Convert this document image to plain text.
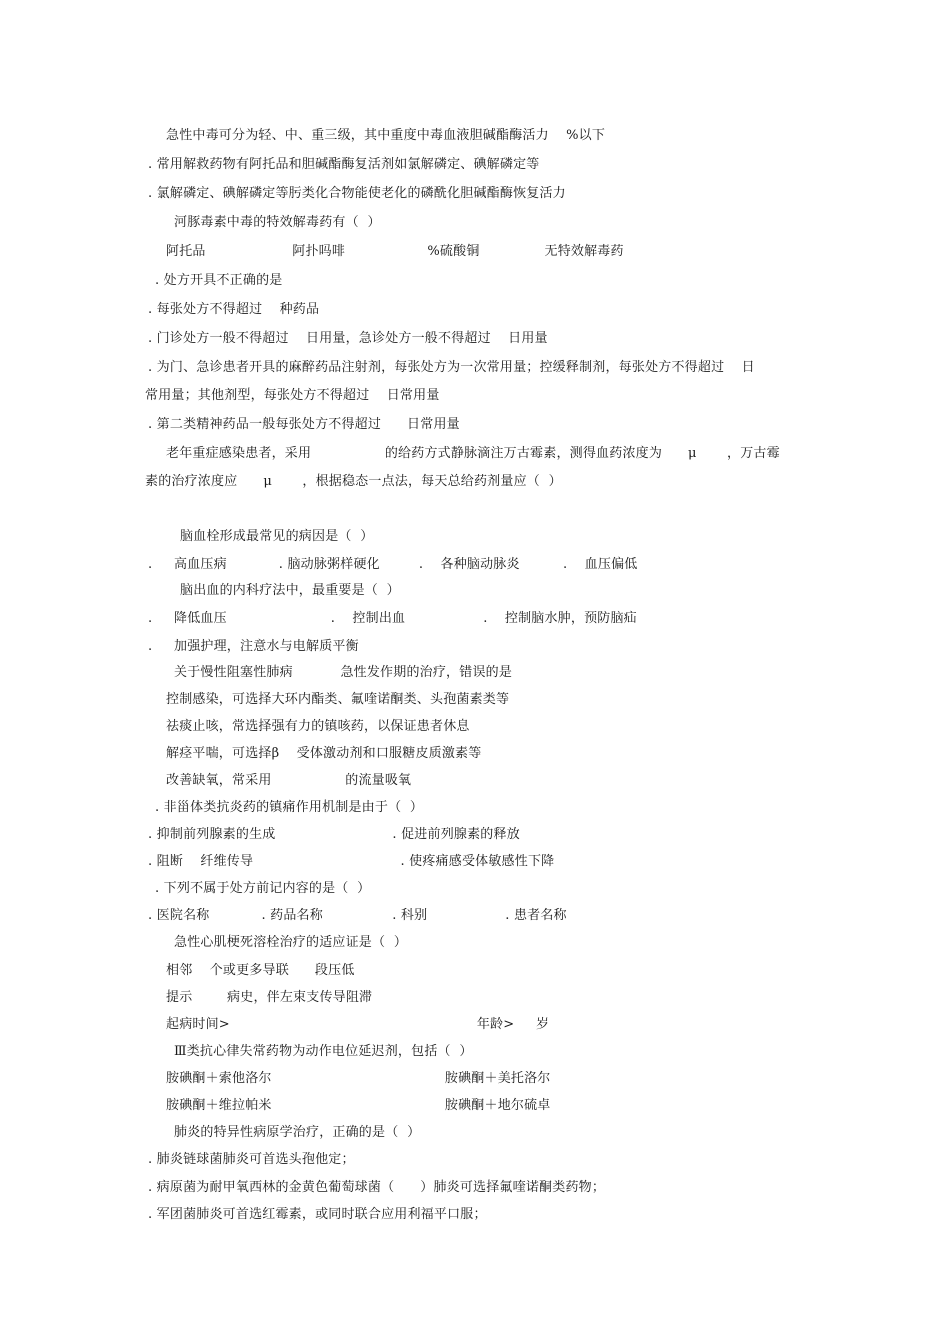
急性中毒可分为轻、中、重三级，其中重度中毒血液胆碱酯酶活力    %以下
. 常用解救药物有阿托品和胆碱酯酶复活剂如氯解磷定、碘解磷定等
. 氯解磷定、碘解磷定等肟类化合物能使老化的磷酰化胆碱酯酶恢复活力
河豚毒素中毒的特效解毒药有（  ）
阿托品                    阿扑吗啡                   %硫酸铜               无特效解毒药
. 处方开具不正确的是
. 每张处方不得超过    种药品
. 门诊处方一般不得超过    日用量，急诊处方一般不得超过    日用量
. 为门、急诊患者开具的麻醉药品注射剂，每张处方为一次常用量；控缓释制剂，每张处方不得超过    日
常用量；其他剂型，每张处方不得超过    日常用量
. 第二类精神药品一般每张处方不得超过      日常用量
老年重症感染患者，采用                 的给药方式静脉滴注万古霉素，测得血药浓度为      μ       ，万古霉
素的治疗浓度应      μ       ，根据稳态一点法，每天总给药剂量应（  ）
脑血栓形成最常见的病因是（  ）
.     高血压病            . 脑动脉粥样硬化         .    各种脑动脉炎          .    血压偏低
脑出血的内科疗法中，最重要是（  ）
.     降低血压                        .    控制出血                  .    控制脑水肿，预防脑疝
.     加强护理，注意水与电解质平衡
关于慢性阻塞性肺病           急性发作期的治疗，错误的是
控制感染，可选择大环内酯类、氟喹诺酮类、头孢菌素类等
祛痰止咳，常选择强有力的镇咳药，以保证患者休息
解痉平喘，可选择β    受体激动剂和口服糖皮质激素等
改善缺氧，常采用                 的流量吸氧
. 非甾体类抗炎药的镇痛作用机制是由于（  ）
. 抑制前列腺素的生成                           . 促进前列腺素的释放
. 阻断    纤维传导                                  . 使疼痛感受体敏感性下降
. 下列不属于处方前记内容的是（  ）
. 医院名称            . 药品名称                . 科别                  . 患者名称
急性心肌梗死溶栓治疗的适应证是（  ）
相邻    个或更多导联      段压低
提示        病史，伴左束支传导阻滞
起病时间>                                                         年龄>     岁
Ⅲ类抗心律失常药物为动作电位延迟剂，包括（  ）
胺碘酮＋索他洛尔                                        胺碘酮＋美托洛尔
胺碘酮＋维拉帕米                                        胺碘酮＋地尔硫卓
肺炎的特异性病原学治疗，正确的是（  ）
. 肺炎链球菌肺炎可首选头孢他定；
. 病原菌为耐甲氧西林的金黄色葡萄球菌（      ）肺炎可选择氟喹诺酮类药物；
. 军团菌肺炎可首选红霉素，或同时联合应用利福平口服；
